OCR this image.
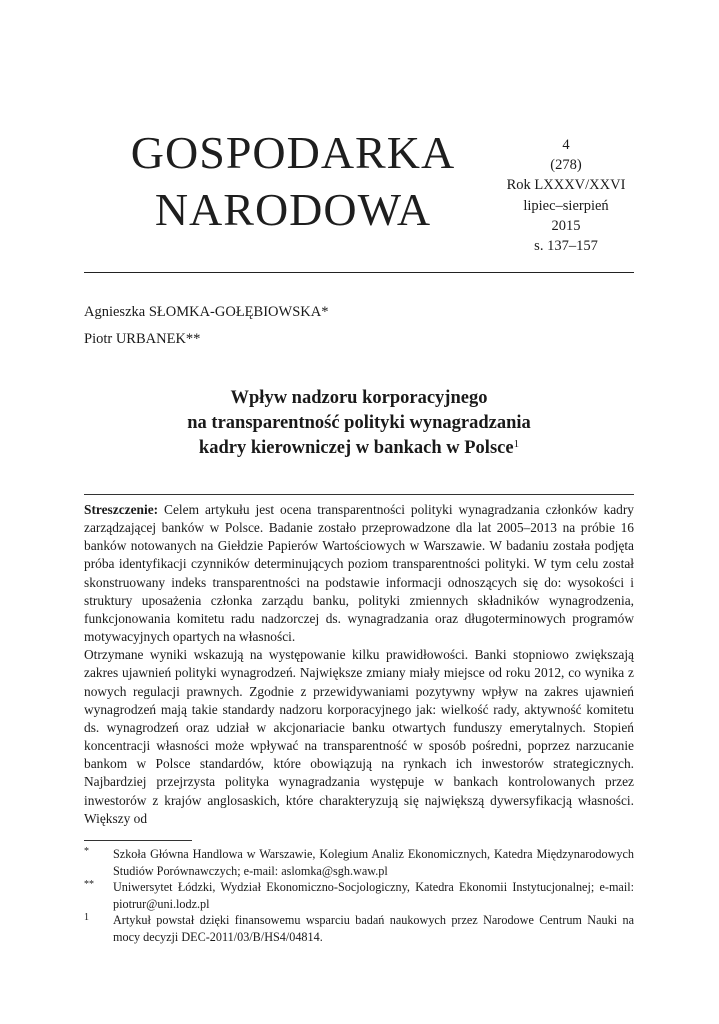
GOSPODARKA
NARODOWA
4
(278)
Rok LXXXV/XXVI
lipiec–sierpień
2015
s. 137–157
Agnieszka SŁOMKA-GOŁĘBIOWSKA*
Piotr URBANEK**
Wpływ nadzoru korporacyjnego
na transparentność polityki wynagradzania
kadry kierowniczej w bankach w Polsce$^1$

Streszczenie: Celem artykułu jest ocena transparentności polityki wynagradzania członków kadry zarządzającej banków w Polsce. Badanie zostało przeprowadzone dla lat 2005–2013 na próbie 16 banków notowanych na Giełdzie Papierów Wartościowych w Warszawie. W badaniu została podjęta próba identyfikacji czynników determinujących poziom transparentności polityki. W tym celu został skonstruowany indeks transparentności na podstawie informacji odnoszących się do: wysokości i struktury uposażenia członka zarządu banku, polityki zmiennych składników wynagrodzenia, funkcjonowania komitetu radu nadzorczej ds. wynagradzania oraz długoterminowych programów motywacyjnych opartych na własności.

Otrzymane wyniki wskazują na występowanie kilku prawidłowości. Banki stopniowo zwiększają zakres ujawnień polityki wynagrodzeń. Największe zmiany miały miejsce od roku 2012, co wynika z nowych regulacji prawnych. Zgodnie z przewidywaniami pozytywny wpływ na zakres ujawnień wynagrodzeń mają takie standardy nadzoru korporacyjnego jak: wielkość rady, aktywność komitetu ds. wynagrodzeń oraz udział w akcjonariacie banku otwartych funduszy emerytalnych. Stopień koncentracji własności może wpływać na transparentność w sposób pośredni, poprzez narzucanie bankom w Polsce standardów, które obowiązują na rynkach ich inwestorów strategicznych. Najbardziej przejrzysta polityka wynagradzania występuje w bankach kontrolowanych przez inwestorów z krajów anglosaskich, które charakteryzują się największą dywersyfikacją własności. Większy od

* Szkoła Główna Handlowa w Warszawie, Kolegium Analiz Ekonomicznych, Katedra Międzynarodowych Studiów Porównawczych; e-mail: aslomka@sgh.waw.pl
** Uniwersytet Łódzki, Wydział Ekonomiczno-Socjologiczny, Katedra Ekonomii Instytucjonalnej; e-mail: piotrur@uni.lodz.pl
1 Artykuł powstał dzięki finansowemu wsparciu badań naukowych przez Narodowe Centrum Nauki na mocy decyzji DEC-2011/03/B/HS4/04814.
